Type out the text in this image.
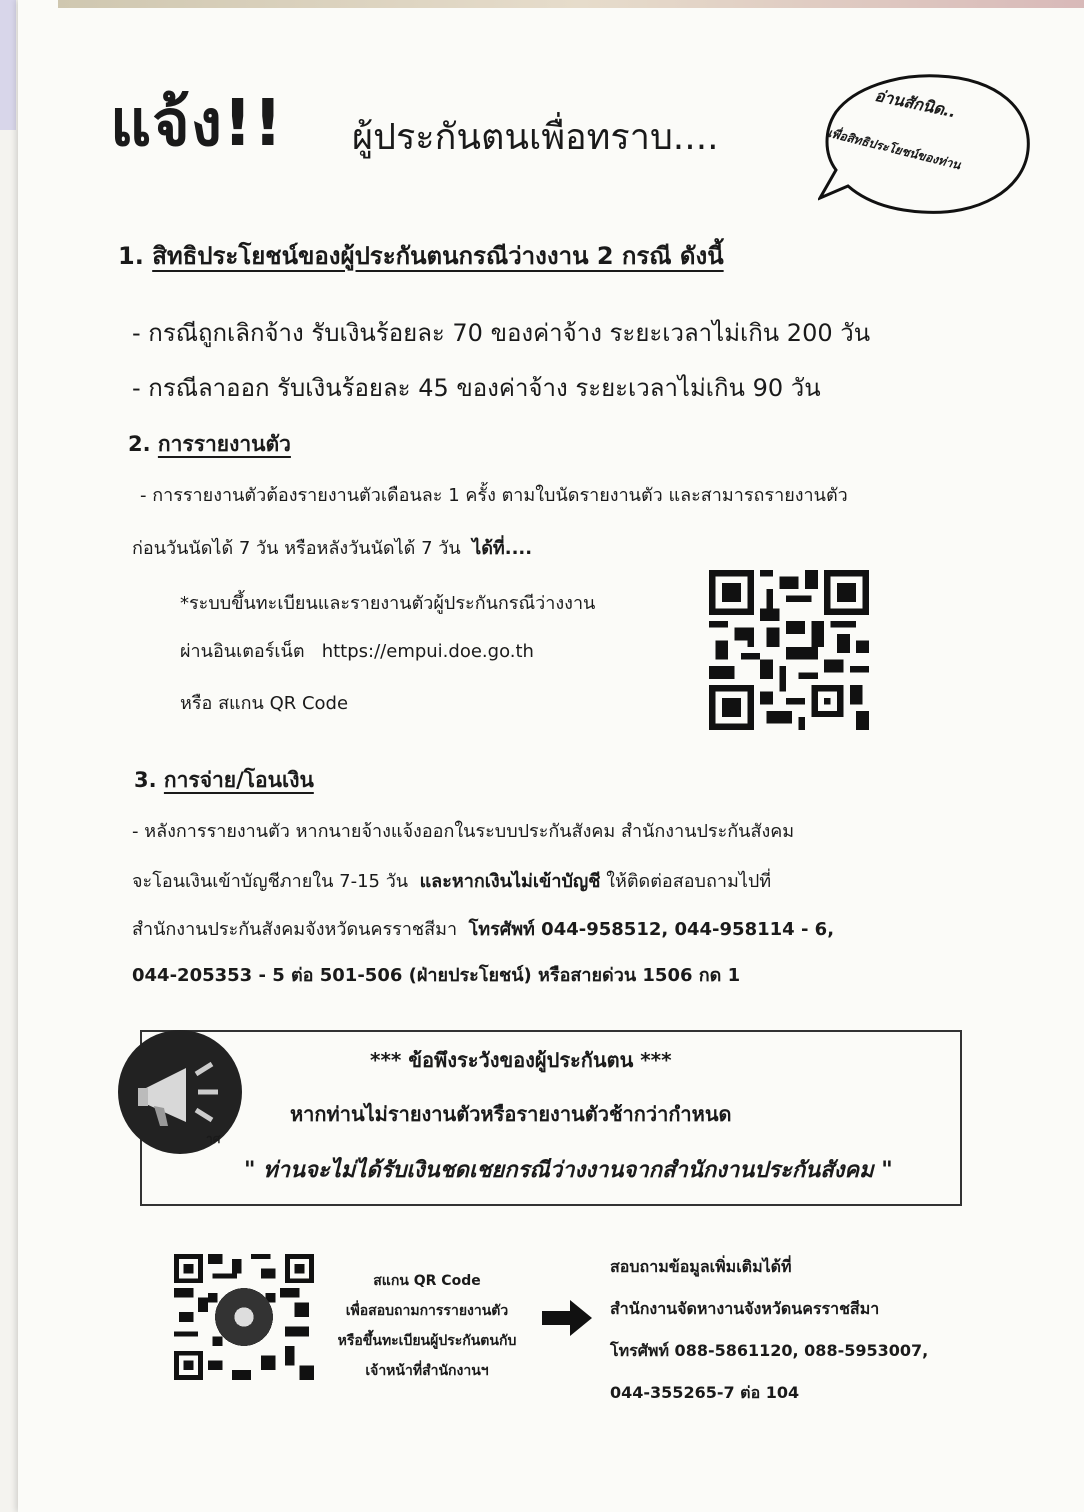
แจ้ง!! ผู้ประกันตนเพื่อทราบ....
อ่านสักนิด..
เพื่อสิทธิประโยชน์ของท่าน
1. สิทธิประโยชน์ของผู้ประกันตนกรณีว่างงาน 2 กรณี ดังนี้
- กรณีถูกเลิกจ้าง รับเงินร้อยละ 70 ของค่าจ้าง ระยะเวลาไม่เกิน 200 วัน
- กรณีลาออก รับเงินร้อยละ 45 ของค่าจ้าง ระยะเวลาไม่เกิน 90 วัน
2. การรายงานตัว
- การรายงานตัวต้องรายงานตัวเดือนละ 1 ครั้ง ตามใบนัดรายงานตัว และสามารถรายงานตัว
ก่อนวันนัดได้ 7 วัน หรือหลังวันนัดได้ 7 วัน ได้ที่....
*ระบบขึ้นทะเบียนและรายงานตัวผู้ประกันกรณีว่างงาน
ผ่านอินเตอร์เน็ต https://empui.doe.go.th
หรือ สแกน QR Code
3. การจ่าย/โอนเงิน
- หลังการรายงานตัว หากนายจ้างแจ้งออกในระบบประกันสังคม สำนักงานประกันสังคม
จะโอนเงินเข้าบัญชีภายใน 7-15 วัน และหากเงินไม่เข้าบัญชี ให้ติดต่อสอบถามไปที่
สำนักงานประกันสังคมจังหวัดนครราชสีมา โทรศัพท์ 044-958512, 044-958114 - 6,
044-205353 - 5 ต่อ 501-506 (ฝ่ายประโยชน์) หรือสายด่วน 1506 กด 1
*** ข้อพึงระวังของผู้ประกันตน ***
หากท่านไม่รายงานตัวหรือรายงานตัวช้ากว่ากำหนด
าศ
" ท่านจะไม่ได้รับเงินชดเชยกรณีว่างงานจากสำนักงานประกันสังคม "
สแกน QR Code
เพื่อสอบถามการรายงานตัว
หรือขึ้นทะเบียนผู้ประกันตนกับ
เจ้าหน้าที่สำนักงานฯ
สอบถามข้อมูลเพิ่มเติมได้ที่
สำนักงานจัดหางานจังหวัดนครราชสีมา
โทรศัพท์ 088-5861120, 088-5953007,
044-355265-7 ต่อ 104
